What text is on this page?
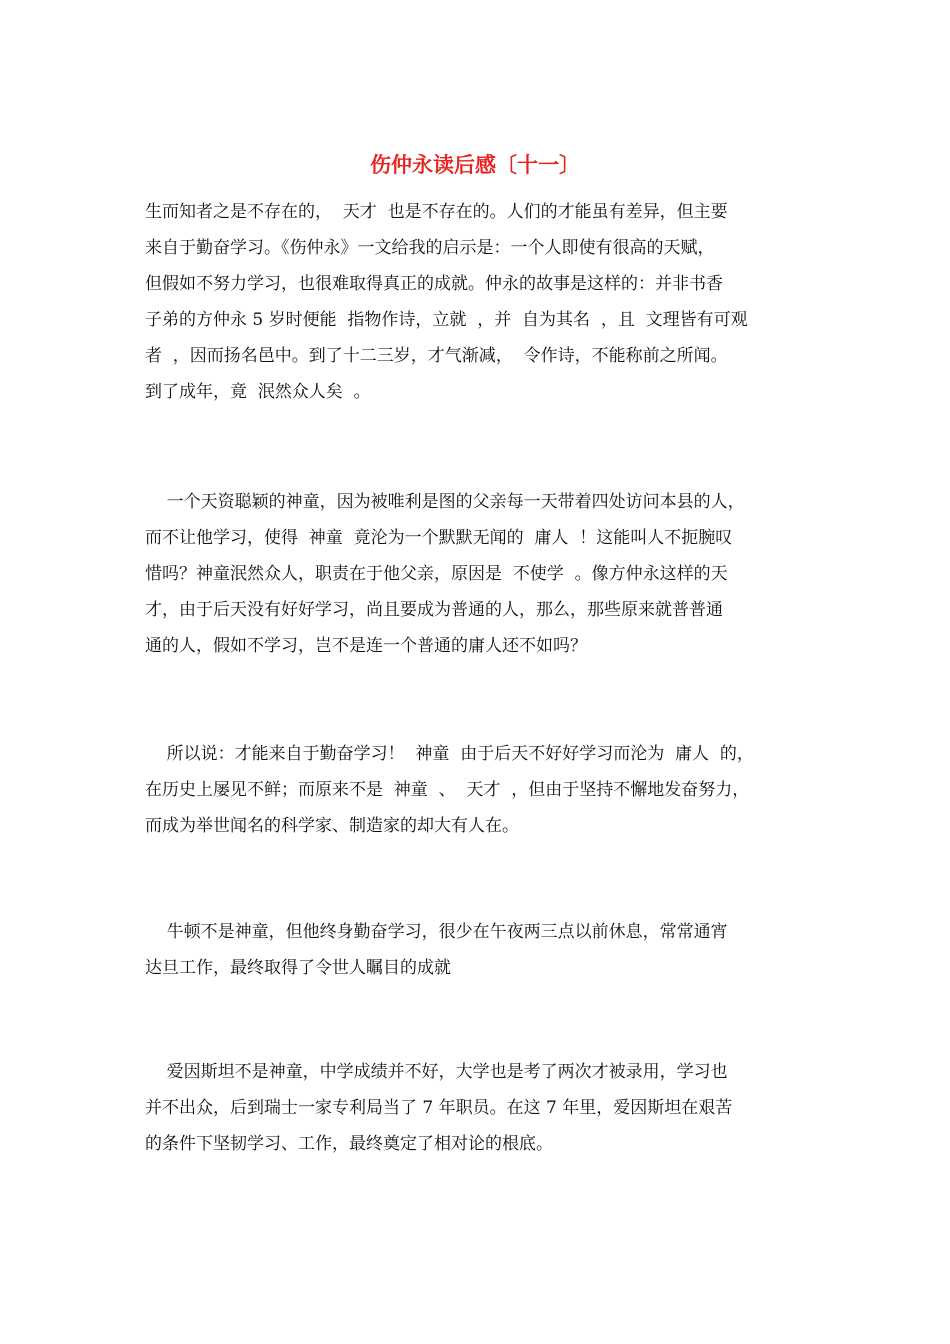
伤仲永读后感〔十一〕
生而知者之是不存在的，  天才  也是不存在的。人们的才能虽有差异，但主要
来自于勤奋学习。《伤仲永》一文给我的启示是：一个人即使有很高的天赋，
但假如不努力学习，也很难取得真正的成就。仲永的故事是这样的：并非书香
子弟的方仲永 5 岁时便能  指物作诗，立就  ，并  自为其名  ，且  文理皆有可观
者  ，因而扬名邑中。到了十二三岁，才气渐减，  令作诗，不能称前之所闻。
到了成年，竟  泯然众人矣  。
一个天资聪颖的神童，因为被唯利是图的父亲每一天带着四处访问本县的人，
而不让他学习，使得  神童  竟沦为一个默默无闻的  庸人  ！这能叫人不扼腕叹
惜吗？神童泯然众人，职责在于他父亲，原因是  不使学  。像方仲永这样的天
才，由于后天没有好好学习，尚且要成为普通的人，那么，那些原来就普普通
通的人，假如不学习，岂不是连一个普通的庸人还不如吗？
所以说：才能来自于勤奋学习！  神童  由于后天不好好学习而沦为  庸人  的，
在历史上屡见不鲜；而原来不是  神童  、  天才  ，但由于坚持不懈地发奋努力，
而成为举世闻名的科学家、制造家的却大有人在。
牛顿不是神童，但他终身勤奋学习，很少在午夜两三点以前休息，常常通宵
达旦工作，最终取得了令世人瞩目的成就
爱因斯坦不是神童，中学成绩并不好，大学也是考了两次才被录用，学习也
并不出众，后到瑞士一家专利局当了 7 年职员。在这 7 年里，爱因斯坦在艰苦
的条件下坚韧学习、工作，最终奠定了相对论的根底。
